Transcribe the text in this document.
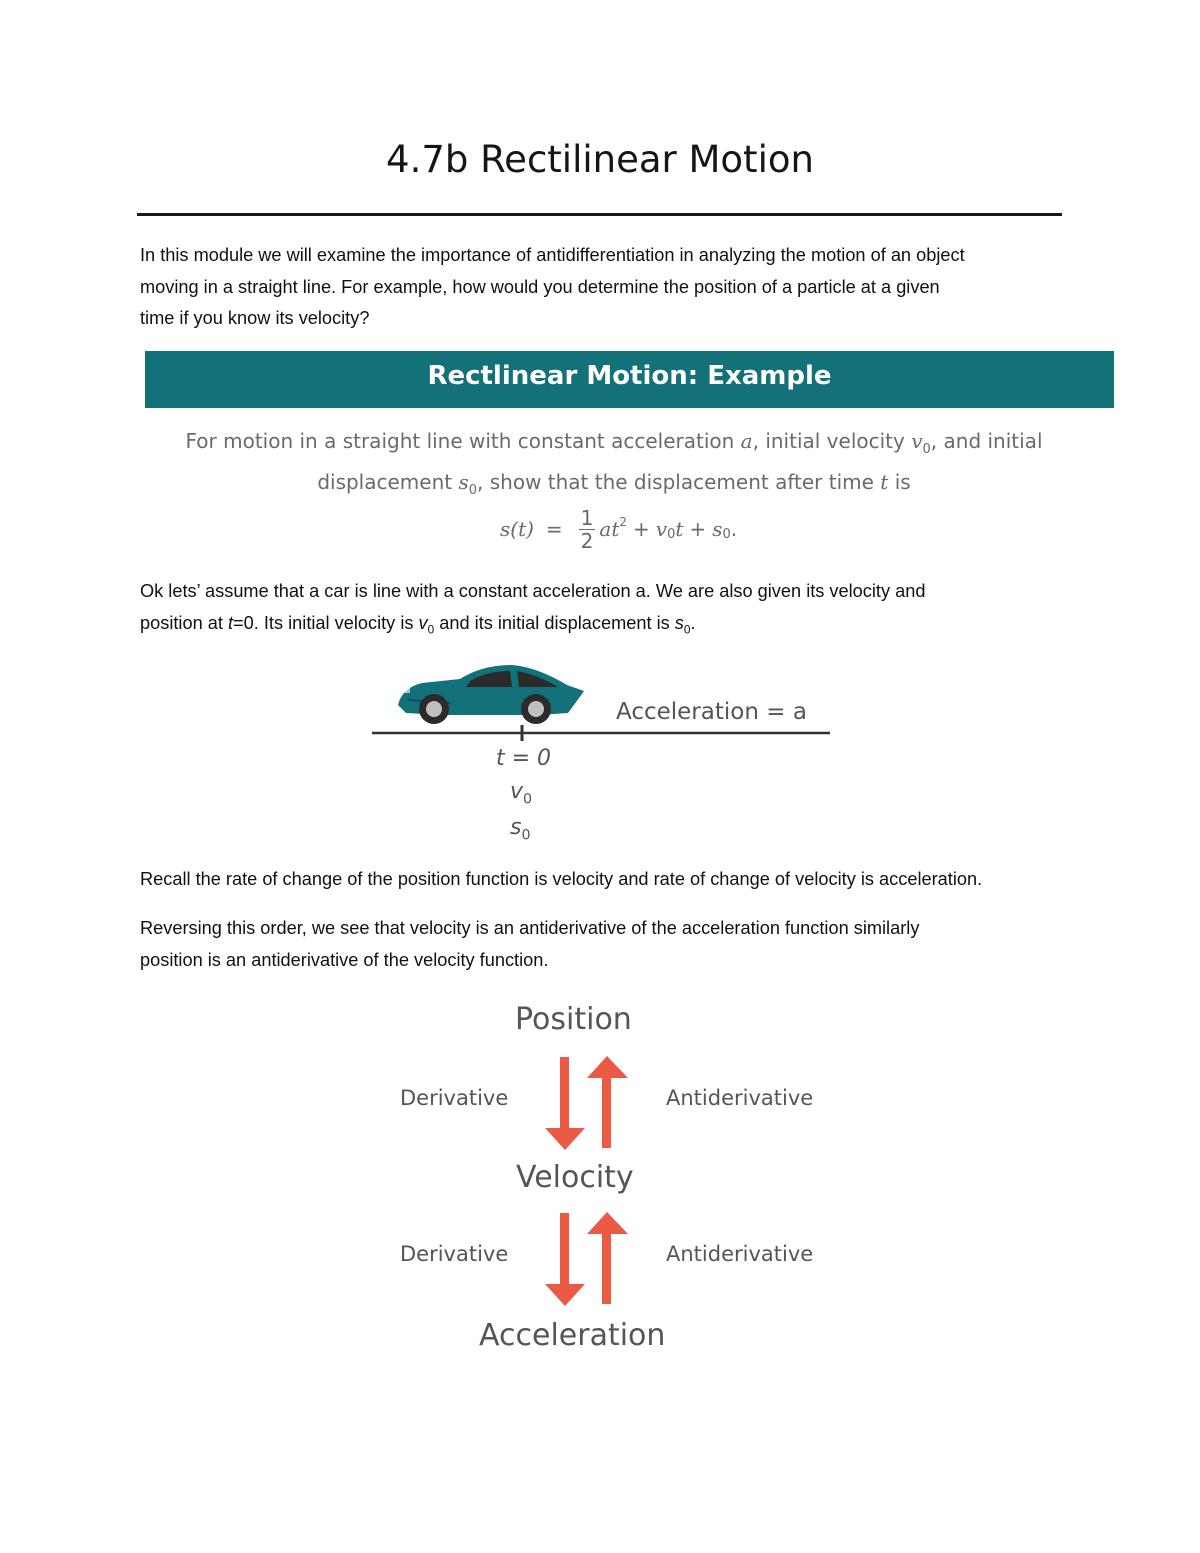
4.7b Rectilinear Motion
In this module we will examine the importance of antidifferentiation in analyzing the motion of an object
moving in a straight line. For example, how would you determine the position of a particle at a given
time if you know its velocity?
Rectlinear Motion: Example
For motion in a straight line with constant acceleration a, initial velocity $v_0$, and initial
displacement $s_0$, show that the displacement after time t is
$s(t) = \frac{1}{2} at^2 + v_0$ $t + s_0$ .
Ok lets’ assume that a car is line with a constant acceleration a. We are also given its velocity and
position at t=0. Its initial velocity is $v_0$ and its initial displacement is $s_0$.
Acceleration = a
t = 0
$v_0$
$s_0$
Recall the rate of change of the position function is velocity and rate of change of velocity is acceleration.
Reversing this order, we see that velocity is an antiderivative of the acceleration function similarly
position is an antiderivative of the velocity function.
Position
Derivative	Antiderivative
Velocity
Derivative	Antiderivative
Acceleration
